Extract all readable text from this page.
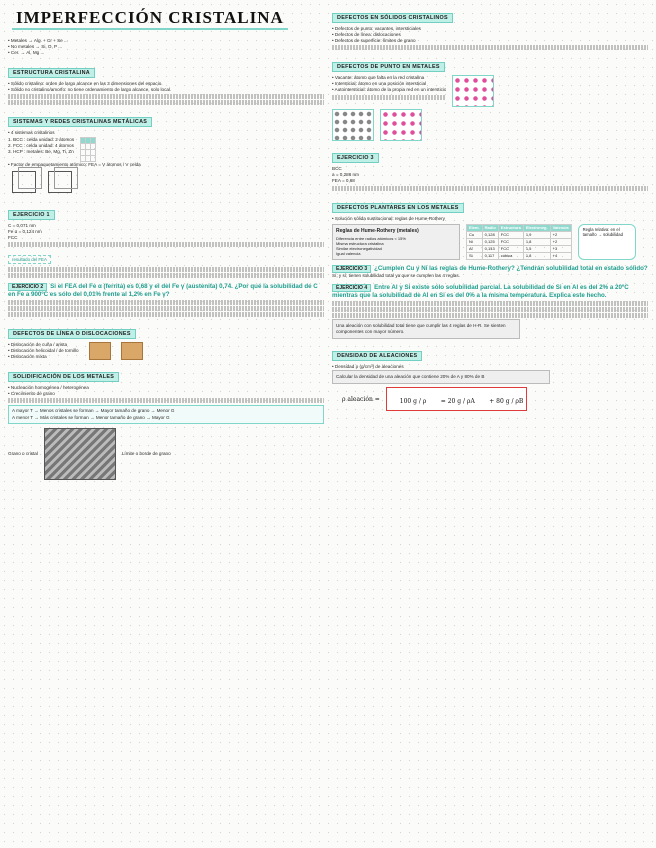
IMPERFECCIÓN CRISTALINA
• Metales → Alg. + Cr + Se ...
• No metales → Si, O, P ...
• Cer. → Al, Mg ...
ESTRUCTURA CRISTALINA
• Sólido cristalino: orden de largo alcance en las 3 dimensiones del espacio.
• Sólido no cristalino/amorfo: no tiene ordenamiento de largo alcance, solo local.
SISTEMAS Y REDES CRISTALINAS METÁLICAS
• 4 sistemas cristalinos
1. BCC : celda unidad: 2 átomos
2. FCC : celda unidad: 4 átomos
3. HCP : metales: Be, Mg, Ti, Zn

• Factor de empaquetamiento atómico: FEA = V átomos / V celda

EJERCICIO 1
C = 0,071 nm
Fe α = 0,124 nm
FCC
resultado del FEA
EJERCICIO 2 Si el FEA del Fe α (ferrita) es 0,68 y el del Fe γ (austenita) 0,74. ¿Por qué la solubilidad de C en Fe a 900ºC es sólo del 0,01% frente al 1,2% en Fe γ?
DEFECTOS DE LÍNEA O DISLOCACIONES
• Dislocación de cuña / arista
• Dislocación helicoidal / de tornillo
• Dislocación mixta
SOLIDIFICACIÓN DE LOS METALES
• Nucleación homogénea / heterogénea
• Crecimiento de grano
A mayor T → Menos cristales se forman → Mayor tamaño de grano → Menor G
A menor T → Más cristales se forman → Menor tamaño de grano → Mayor G
Grano o cristal	Límite o borde de grano
DEFECTOS EN SÓLIDOS CRISTALINOS
• Defectos de punto: vacantes, intersticiales
• Defectos de línea: dislocaciones
• Defectos de superficie: límites de grano
DEFECTOS DE PUNTO EN METALES
• Vacante: átomo que falta en la red cristalina
• Intersticial: átomo en una posición intersticial
• Autointersticial: átomo de la propia red en un intersticio
EJERCICIO 3
BCC
a = 0,286 nm
FEA = 0,68
DEFECTOS PLANTARES EN LOS METALES
• Solución sólida sustitucional: reglas de Hume-Rothery
Reglas de Hume-Rothery (metales)
Diferencia entre radios atómicos < 15%
Misma estructura cristalina
Similar electronegatividad
Igual valencia
Elem.	Radio	Estructura	Electroneg.	Valencia
Cu	0,128	FCC	1,9	+2
Ni	0,125	FCC	1,8	+2
Al	0,143	FCC	1,5	+3
Si	0,117	cúbica	1,8	+4
Regla relativa: en el tamaño → solubilidad
EJERCICIO 3 ¿Cumplen Cu y Ni las reglas de Hume-Rothery? ¿Tendrán solubilidad total en estado sólido?
Sí, y sí, tienen solubilidad total ya que se cumplen las 4 reglas.
EJERCICIO 4 Entre Al y Si existe sólo solubilidad parcial. La solubilidad de Si en Al es del 2% a 20ºC mientras que la solubilidad de Al en Si es del 0% a la misma temperatura. Explica este hecho.
Una aleación con solubilidad total tiene que cumplir las 4 reglas de H-R. Se sienten componentes con mayor número.
DENSIDAD DE ALEACIONES
• Densidad ρ (g/cm³) de aleaciones
Calcular la densidad de una aleación que contiene 20% de A y 80% de B
ρ aleación =	100 g / ρ = 20 g / ρA + 80 g / ρB
